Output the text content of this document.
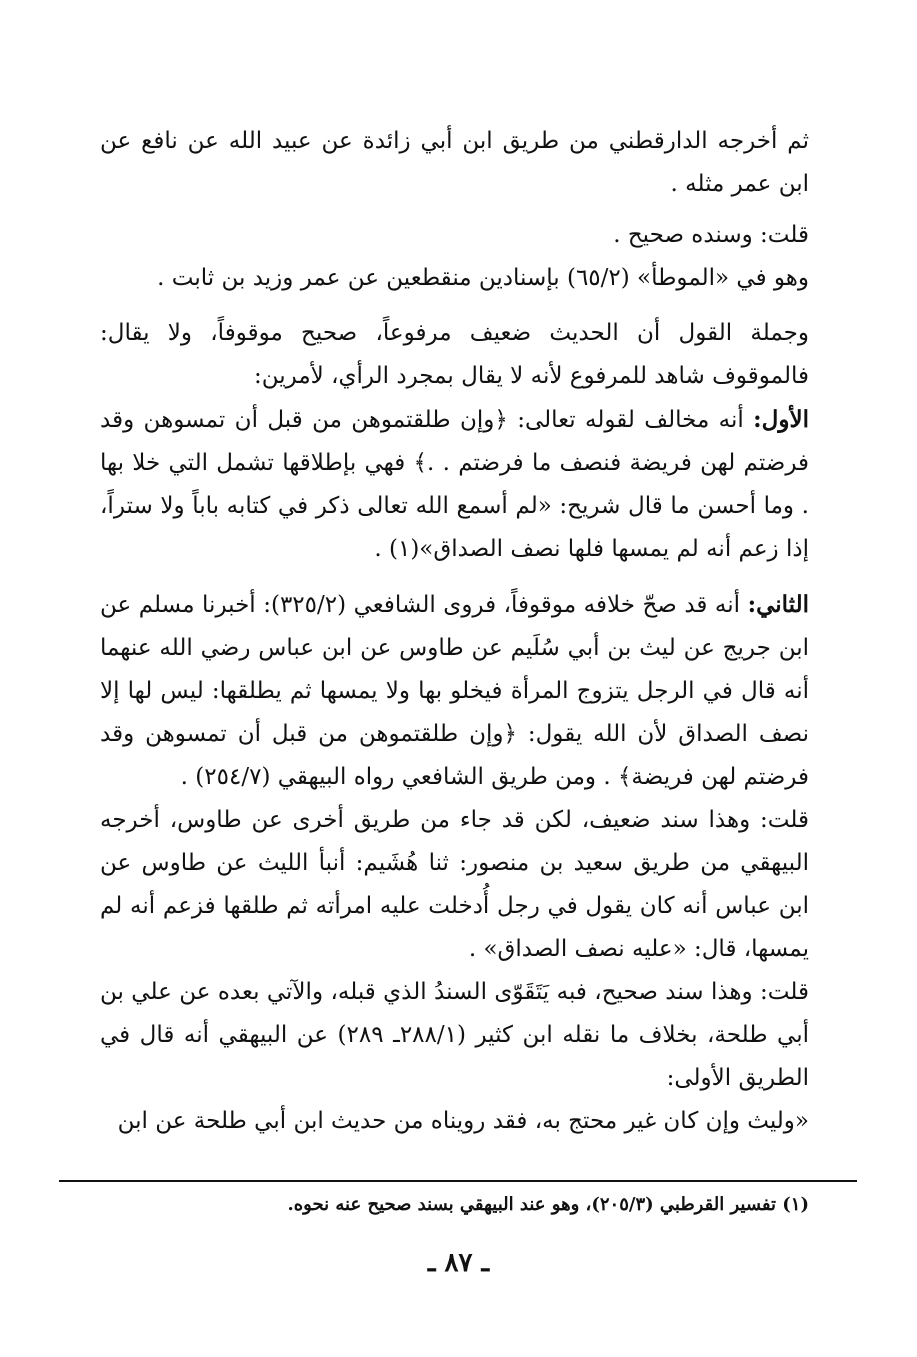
ثم أخرجه الدارقطني من طريق ابن أبي زائدة عن عبيد الله عن نافع عن ابن عمر مثله .

قلت: وسنده صحيح .

وهو في «الموطأ» (٦٥/٢) بإسنادين منقطعين عن عمر وزيد بن ثابت .

وجملة القول أن الحديث ضعيف مرفوعاً، صحيح موقوفاً، ولا يقال: فالموقوف شاهد للمرفوع لأنه لا يقال بمجرد الرأي، لأمرين:

الأول: أنه مخالف لقوله تعالى: ﴿وإن طلقتموهن من قبل أن تمسوهن وقد فرضتم لهن فريضة فنصف ما فرضتم . .﴾ فهي بإطلاقها تشمل التي خلا بها . وما أحسن ما قال شريح: «لم أسمع الله تعالى ذكر في كتابه باباً ولا ستراً، إذا زعم أنه لم يمسها فلها نصف الصداق»(١) .

الثاني: أنه قد صحّ خلافه موقوفاً، فروى الشافعي (٣٢٥/٢): أخبرنا مسلم عن ابن جريج عن ليث بن أبي سُلَيم عن طاوس عن ابن عباس رضي الله عنهما أنه قال في الرجل يتزوج المرأة فيخلو بها ولا يمسها ثم يطلقها: ليس لها إلا نصف الصداق لأن الله يقول: ﴿وإن طلقتموهن من قبل أن تمسوهن وقد فرضتم لهن فريضة﴾ . ومن طريق الشافعي رواه البيهقي (٢٥٤/٧) .

قلت: وهذا سند ضعيف، لكن قد جاء من طريق أخرى عن طاوس، أخرجه البيهقي من طريق سعيد بن منصور: ثنا هُشَيم: أنبأ الليث عن طاوس عن ابن عباس أنه كان يقول في رجل أُدخلت عليه امرأته ثم طلقها فزعم أنه لم يمسها، قال: «عليه نصف الصداق» .

قلت: وهذا سند صحيح، فبه يَتَقَوّى السندُ الذي قبله، والآتي بعده عن علي بن أبي طلحة، بخلاف ما نقله ابن كثير (٢٨٨/١ـ ٢٨٩) عن البيهقي أنه قال في الطريق الأولى:

«وليث وإن كان غير محتج به، فقد رويناه من حديث ابن أبي طلحة عن ابن

(١) تفسير القرطبي (٢٠٥/٣)، وهو عند البيهقي بسند صحيح عنه نحوه.
ـ ٨٧ ـ
